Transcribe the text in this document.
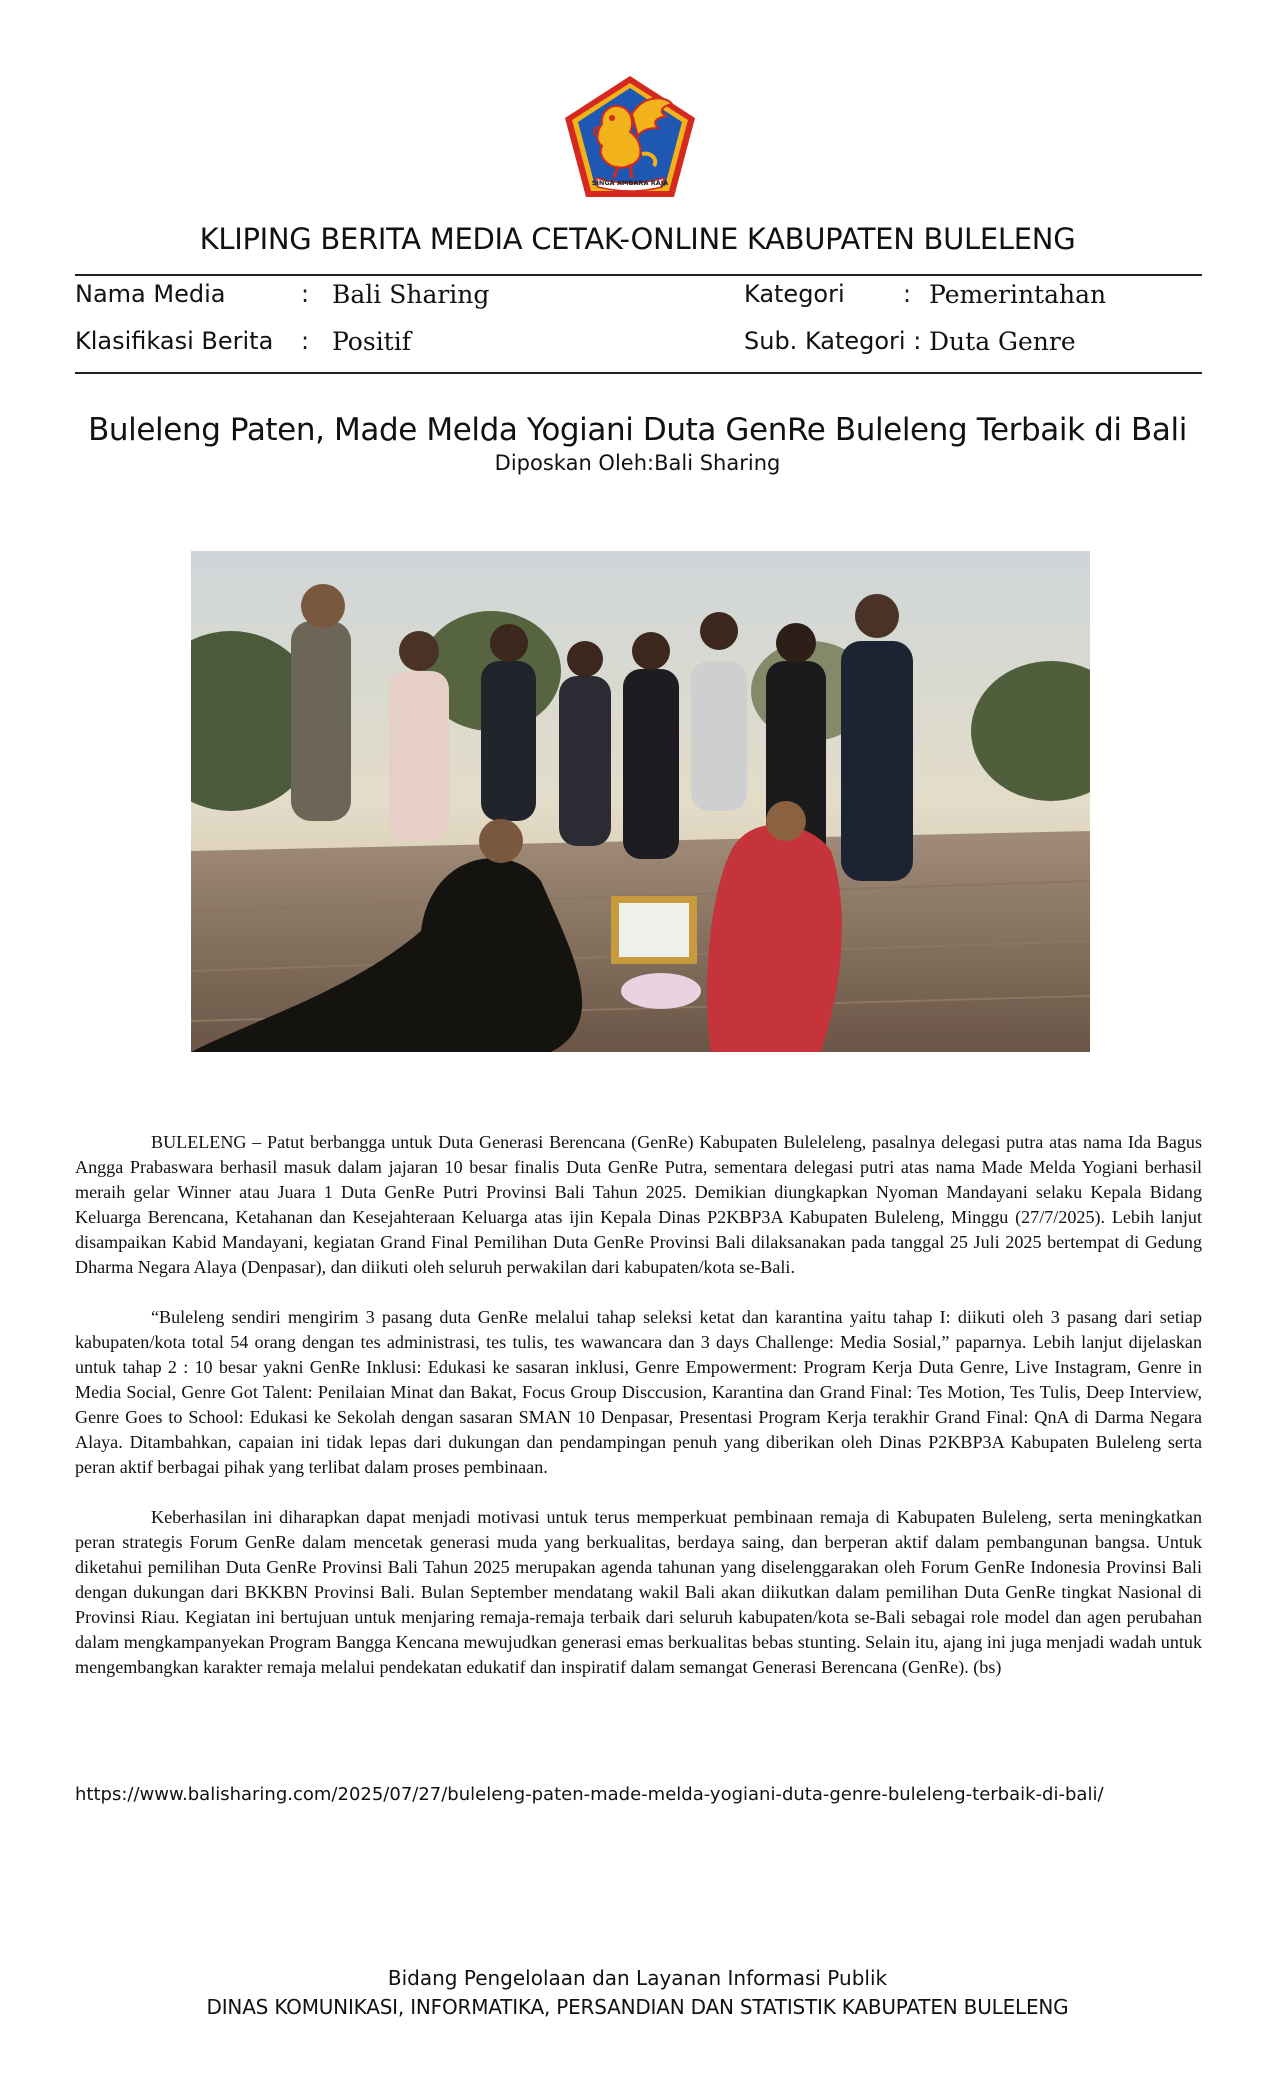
SINGA AMBARA RAJA
KLIPING BERITA MEDIA CETAK-ONLINE KABUPATEN BULELENG
Nama Media	: Bali Sharing	Kategori : Pemerintahan
Klasifikasi Berita : Positif	Sub. Kategori : Duta Genre
Buleleng Paten, Made Melda Yogiani Duta GenRe Buleleng Terbaik di Bali
Diposkan Oleh:Bali Sharing

BULELENG – Patut berbangga untuk Duta Generasi Berencana (GenRe) Kabupaten Buleleleng, pasalnya delegasi putra atas nama Ida Bagus Angga Prabaswara berhasil masuk dalam jajaran 10 besar finalis Duta GenRe Putra, sementara delegasi putri atas nama Made Melda Yogiani berhasil meraih gelar Winner atau Juara 1 Duta GenRe Putri Provinsi Bali Tahun 2025. Demikian diungkapkan Nyoman Mandayani selaku Kepala Bidang Keluarga Berencana, Ketahanan dan Kesejahteraan Keluarga atas ijin Kepala Dinas P2KBP3A Kabupaten Buleleng, Minggu (27/7/2025). Lebih lanjut disampaikan Kabid Mandayani, kegiatan Grand Final Pemilihan Duta GenRe Provinsi Bali dilaksanakan pada tanggal 25 Juli 2025 bertempat di Gedung Dharma Negara Alaya (Denpasar), dan diikuti oleh seluruh perwakilan dari kabupaten/kota se-Bali.

“Buleleng sendiri mengirim 3 pasang duta GenRe melalui tahap seleksi ketat dan karantina yaitu tahap I: diikuti oleh 3 pasang dari setiap kabupaten/kota total 54 orang dengan tes administrasi, tes tulis, tes wawancara dan 3 days Challenge: Media Sosial,” paparnya. Lebih lanjut dijelaskan untuk tahap 2 : 10 besar yakni GenRe Inklusi: Edukasi ke sasaran inklusi, Genre Empowerment: Program Kerja Duta Genre, Live Instagram, Genre in Media Social, Genre Got Talent: Penilaian Minat dan Bakat, Focus Group Disccusion, Karantina dan Grand Final: Tes Motion, Tes Tulis, Deep Interview, Genre Goes to School: Edukasi ke Sekolah dengan sasaran SMAN 10 Denpasar, Presentasi Program Kerja terakhir Grand Final: QnA di Darma Negara Alaya. Ditambahkan, capaian ini tidak lepas dari dukungan dan pendampingan penuh yang diberikan oleh Dinas P2KBP3A Kabupaten Buleleng serta peran aktif berbagai pihak yang terlibat dalam proses pembinaan.

Keberhasilan ini diharapkan dapat menjadi motivasi untuk terus memperkuat pembinaan remaja di Kabupaten Buleleng, serta meningkatkan peran strategis Forum GenRe dalam mencetak generasi muda yang berkualitas, berdaya saing, dan berperan aktif dalam pembangunan bangsa. Untuk diketahui pemilihan Duta GenRe Provinsi Bali Tahun 2025 merupakan agenda tahunan yang diselenggarakan oleh Forum GenRe Indonesia Provinsi Bali dengan dukungan dari BKKBN Provinsi Bali. Bulan September mendatang wakil Bali akan diikutkan dalam pemilihan Duta GenRe tingkat Nasional di Provinsi Riau. Kegiatan ini bertujuan untuk menjaring remaja-remaja terbaik dari seluruh kabupaten/kota se-Bali sebagai role model dan agen perubahan dalam mengkampanyekan Program Bangga Kencana mewujudkan generasi emas berkualitas bebas stunting. Selain itu, ajang ini juga menjadi wadah untuk mengembangkan karakter remaja melalui pendekatan edukatif dan inspiratif dalam semangat Generasi Berencana (GenRe). (bs)

https://www.balisharing.com/2025/07/27/buleleng-paten-made-melda-yogiani-duta-genre-buleleng-terbaik-di-bali/
Bidang Pengelolaan dan Layanan Informasi Publik
DINAS KOMUNIKASI, INFORMATIKA, PERSANDIAN DAN STATISTIK KABUPATEN BULELENG
